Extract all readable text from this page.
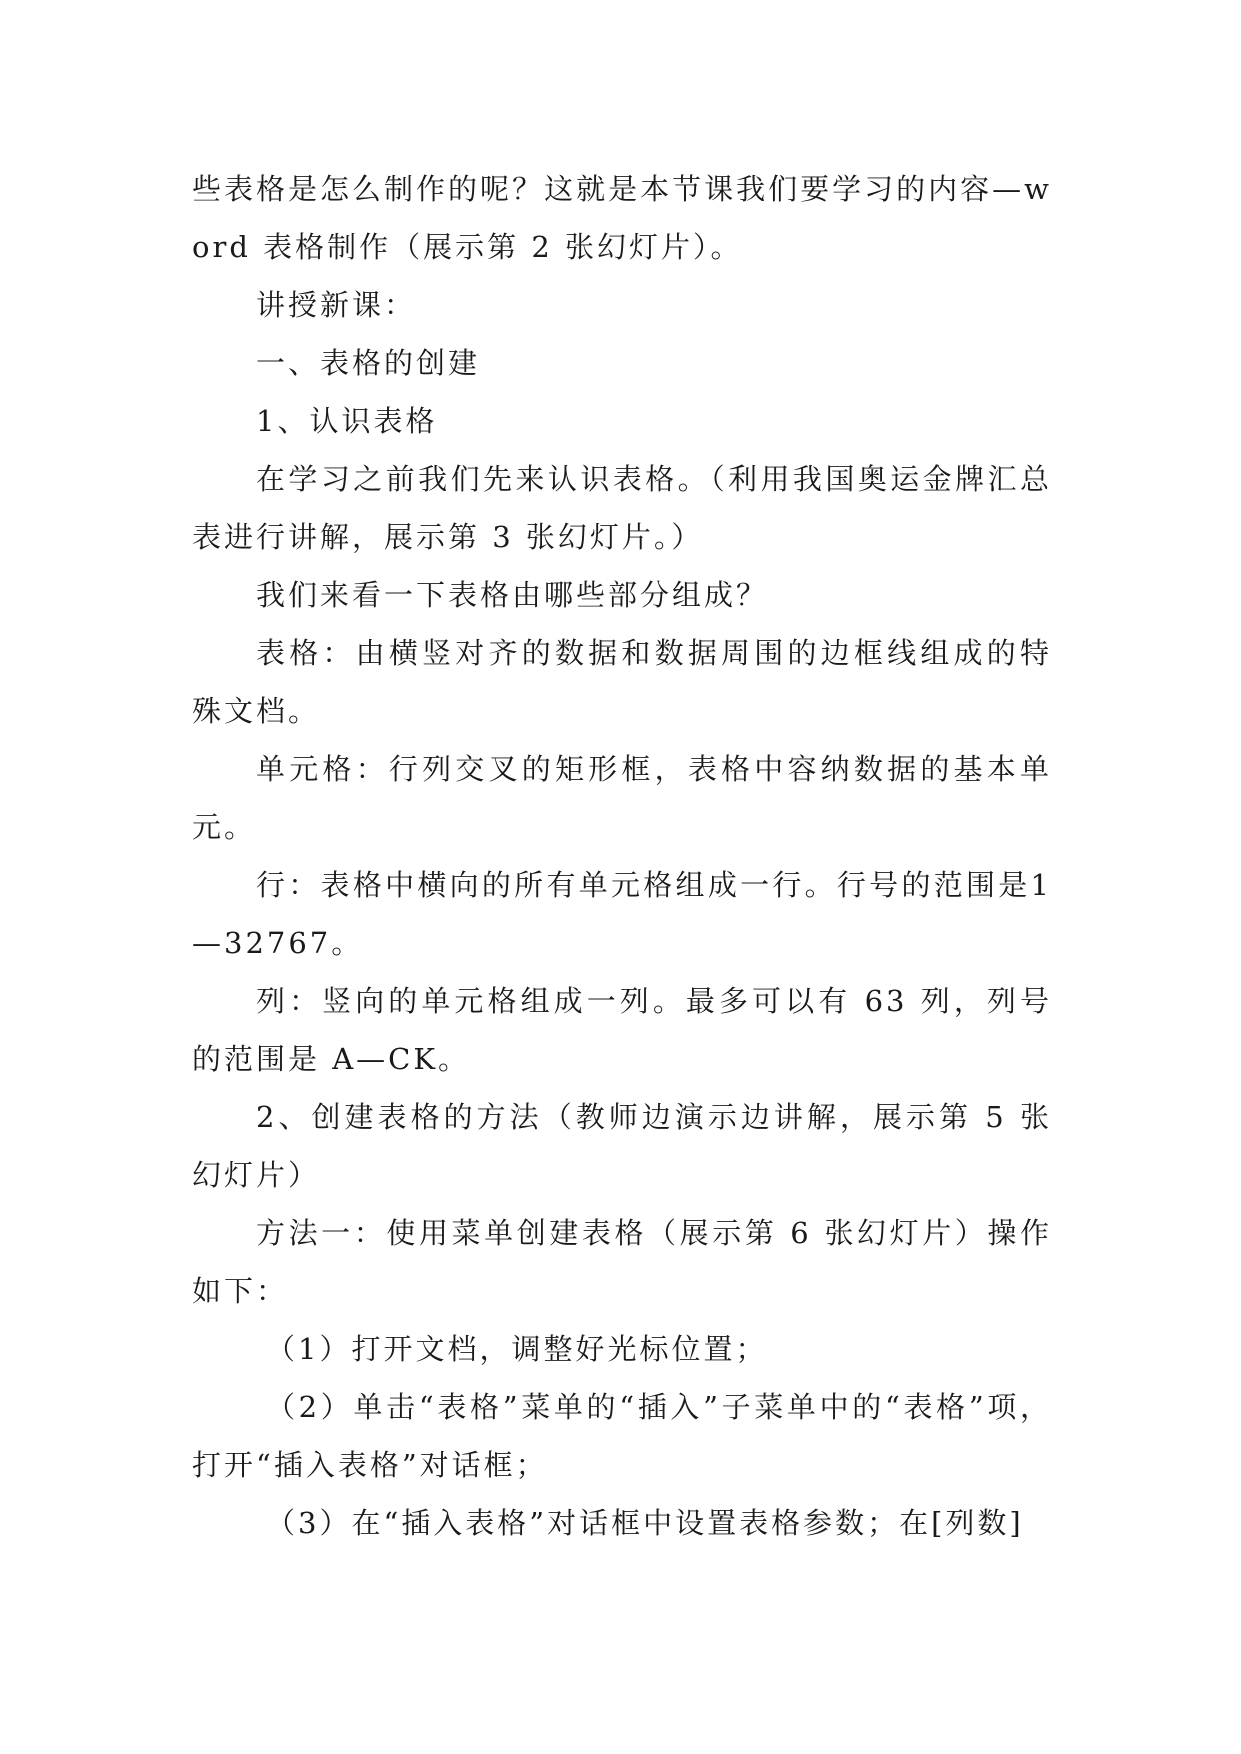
些表格是怎么制作的呢？这就是本节课我们要学习的内容—word 表格制作（展示第 2 张幻灯片）。

讲授新课：

一、表格的创建

1、认识表格

在学习之前我们先来认识表格。（利用我国奥运金牌汇总表进行讲解，展示第 3 张幻灯片。）

我们来看一下表格由哪些部分组成？

表格：由横竖对齐的数据和数据周围的边框线组成的特殊文档。

单元格：行列交叉的矩形框，表格中容纳数据的基本单元。

行：表格中横向的所有单元格组成一行。行号的范围是1—32767。

列：竖向的单元格组成一列。最多可以有 63 列，列号的范围是 A—CK。

2、创建表格的方法（教师边演示边讲解，展示第 5 张幻灯片）

方法一：使用菜单创建表格（展示第 6 张幻灯片）操作如下：

（1）打开文档，调整好光标位置；

（2）单击“表格”菜单的“插入”子菜单中的“表格”项，打开“插入表格”对话框；

（3）在“插入表格”对话框中设置表格参数；在[列数]
